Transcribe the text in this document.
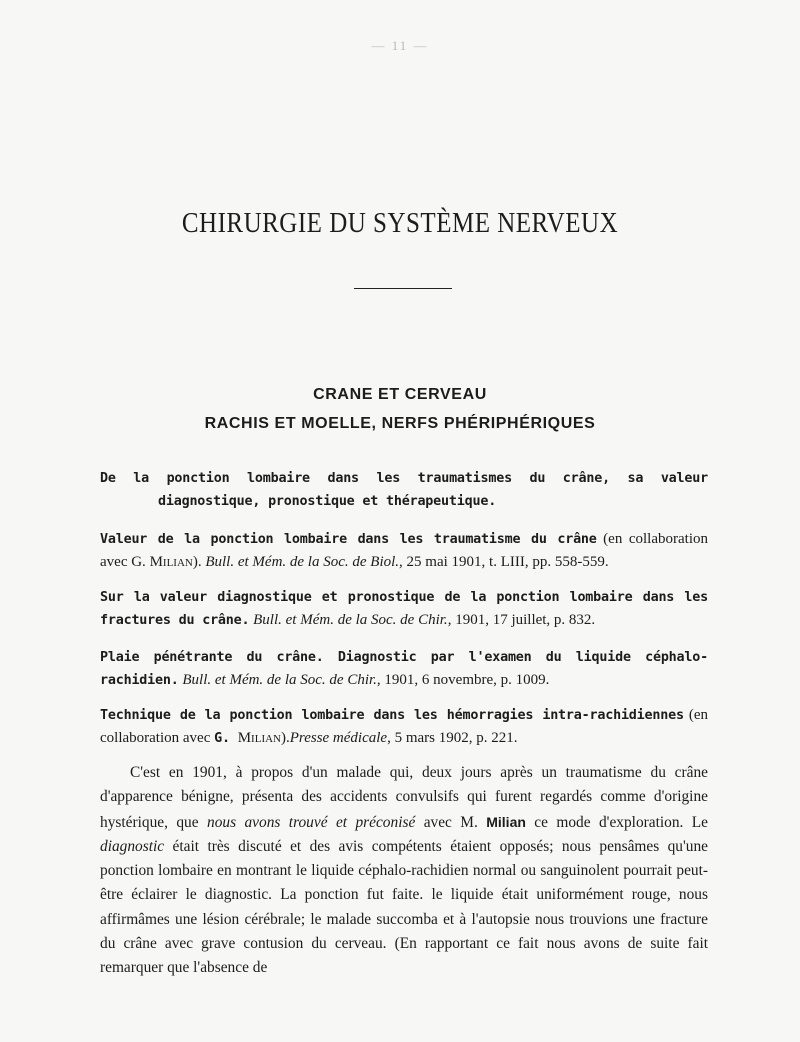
— 11 —
CHIRURGIE DU SYSTÈME NERVEUX
CRANE ET CERVEAU
RACHIS ET MOELLE, NERFS PHÉRIPHÉRIQUES
De la ponction lombaire dans les traumatismes du crâne, sa valeur diagnostique, pronostique et thérapeutique.
Valeur de la ponction lombaire dans les traumatisme du crâne (en collaboration avec G. Milian). Bull. et Mém. de la Soc. de Biol., 25 mai 1901, t. LIII, pp. 558-559.
Sur la valeur diagnostique et pronostique de la ponction lombaire dans les fractures du crâne. Bull. et Mém. de la Soc. de Chir., 1901, 17 juillet, p. 832.
Plaie pénétrante du crâne. Diagnostic par l'examen du liquide céphalo-rachidien. Bull. et Mém. de la Soc. de Chir., 1901, 6 novembre, p. 1009.
Technique de la ponction lombaire dans les hémorragies intra-rachidiennes (en collaboration avec G. Milian).Presse médicale, 5 mars 1902, p. 221.
C'est en 1901, à propos d'un malade qui, deux jours après un traumatisme du crâne d'apparence bénigne, présenta des accidents convulsifs qui furent regardés comme d'origine hystérique, que nous avons trouvé et préconisé avec M. Milian ce mode d'exploration. Le diagnostic était très discuté et des avis compétents étaient opposés; nous pensâmes qu'une ponction lombaire en montrant le liquide céphalo-rachidien normal ou sanguinolent pourrait peut-être éclairer le diagnostic. La ponction fut faite. le liquide était uniformément rouge, nous affirmâmes une lésion cérébrale; le malade succomba et à l'autopsie nous trouvions une fracture du crâne avec grave contusion du cerveau. (En rapportant ce fait nous avons de suite fait remarquer que l'absence de
